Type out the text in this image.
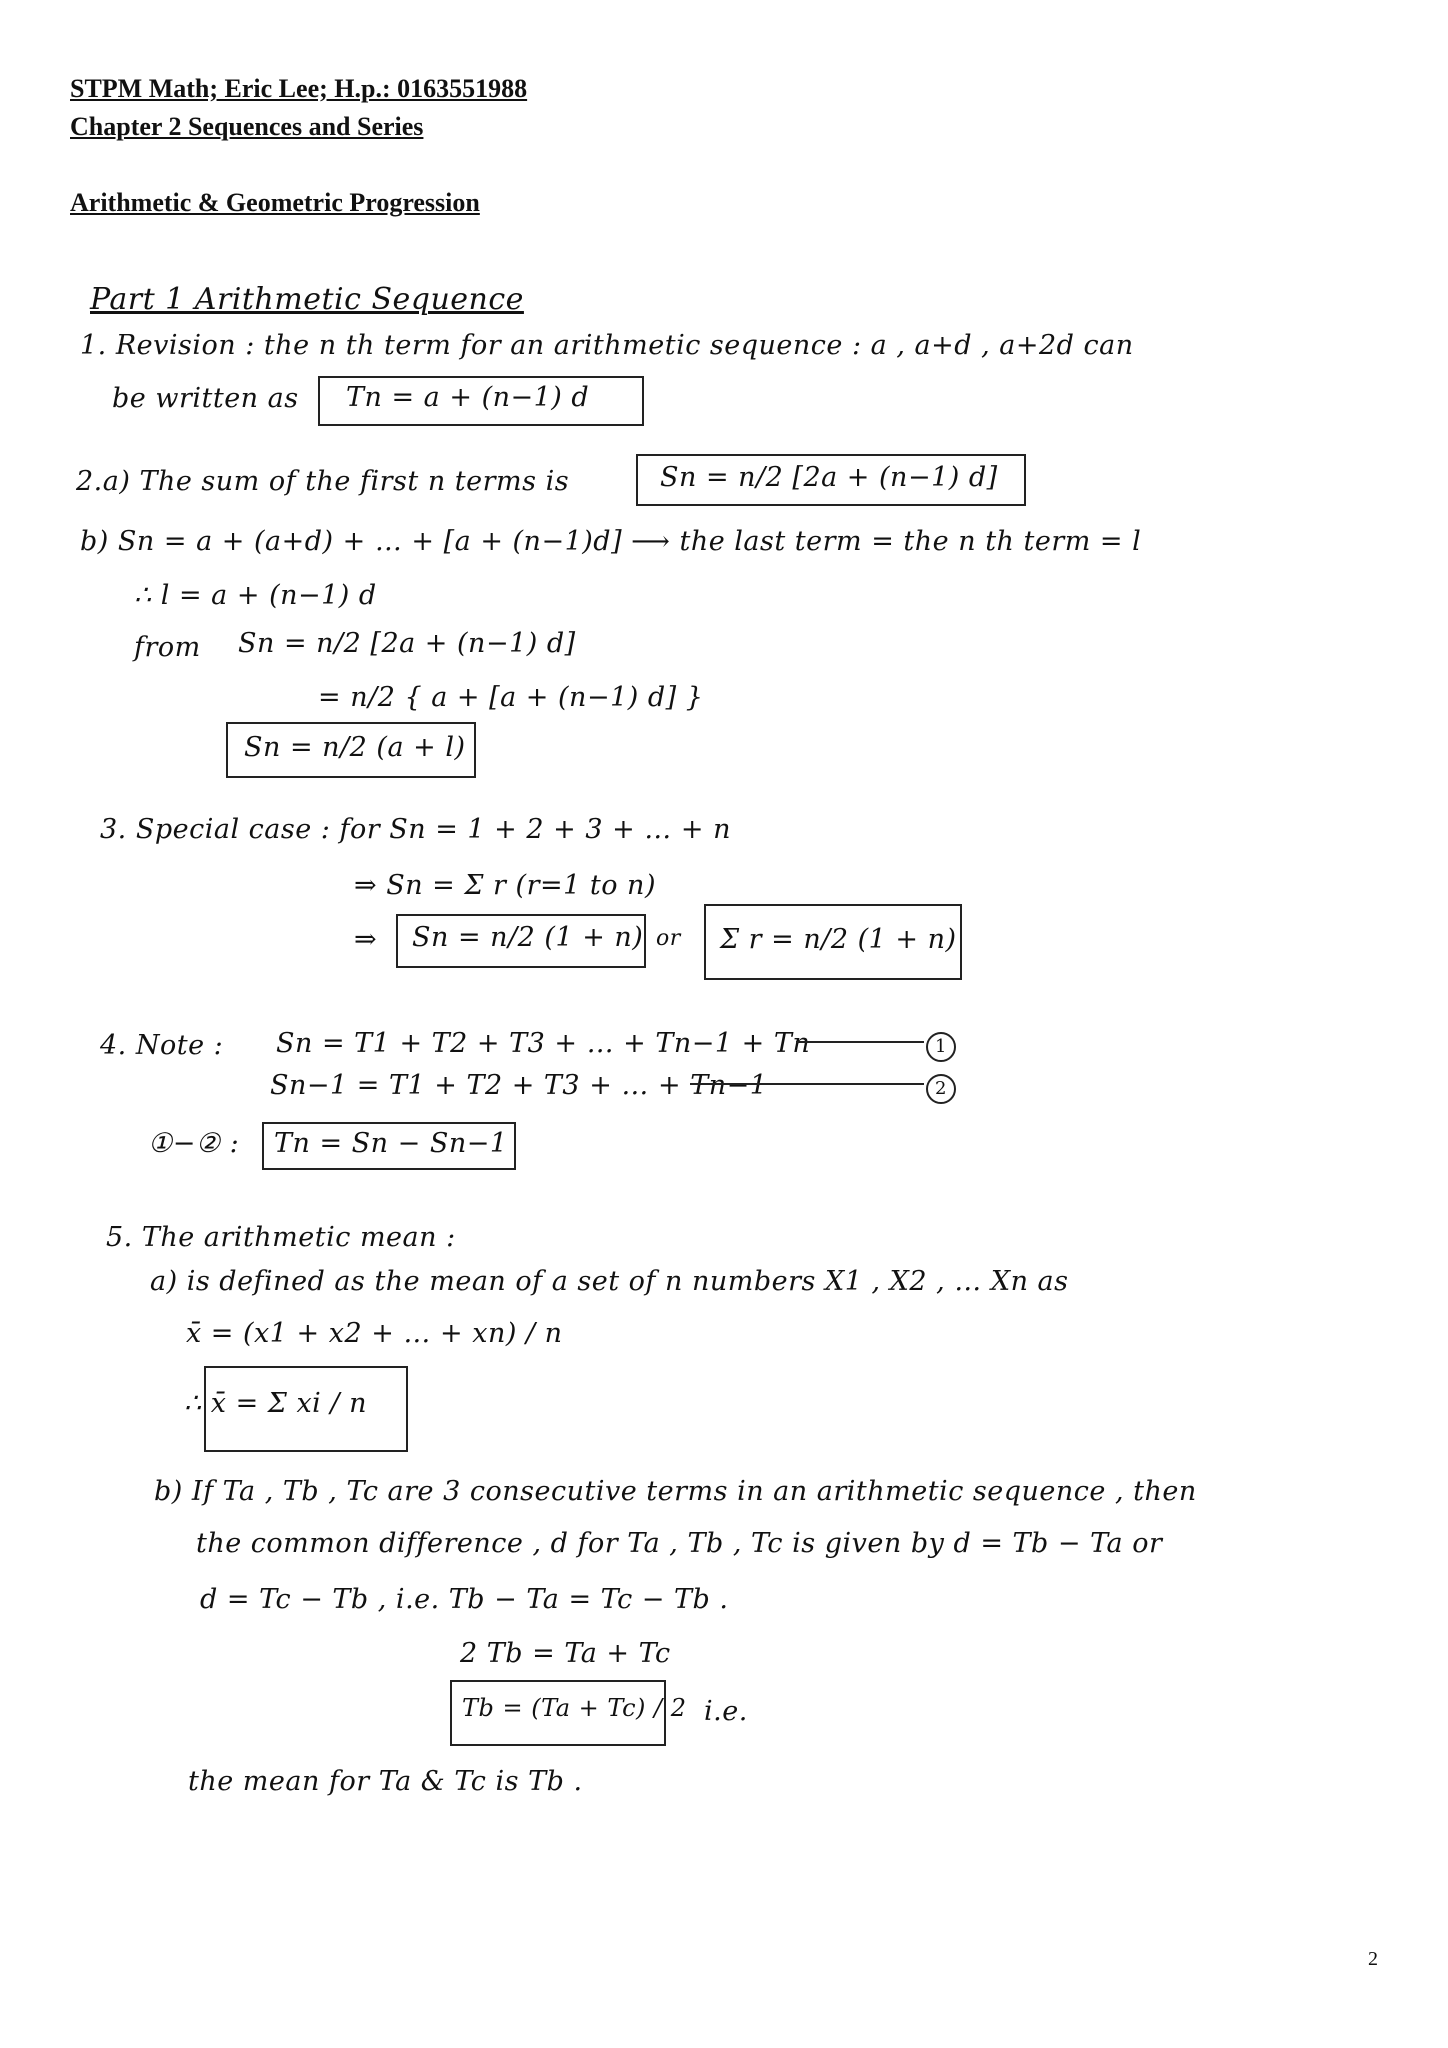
STPM Math; Eric Lee; H.p.: 0163551988
Chapter 2 Sequences and Series
Arithmetic & Geometric Progression
Part 1 Arithmetic Sequence
1. Revision : the n th term for an arithmetic sequence : a , a+d , a+2d can
be written as Tn = a + (n−1) d
2.a) The sum of the first n terms is	Sn = n/2 [2a + (n−1) d]
b) Sn = a + (a+d) + … + [a + (n−1)d] ⟶ the last term = the n th term = l
∴ l = a + (n−1) d
from Sn = n/2 [2a + (n−1) d]
= n/2 { a + [a + (n−1) d] }
Sn = n/2 (a + l)
3. Special case : for Sn = 1 + 2 + 3 + … + n
⇒ Sn = Σ r (r=1 to n)
⇒ Sn = n/2 (1 + n) or Σ r = n/2 (1 + n)
4. Note : Sn = T1 + T2 + T3 + … + Tn−1 + Tn
Sn−1 = T1 + T2 + T3 + … + Tn−1
1
2
①−② : Tn = Sn − Sn−1
5. The arithmetic mean :
a) is defined as the mean of a set of n numbers X1 , X2 , … Xn as
x̄ = (x1 + x2 + … + xn) / n
∴ x̄ = Σ xi / n
b) If Ta , Tb , Tc are 3 consecutive terms in an arithmetic sequence , then
the common difference , d for Ta , Tb , Tc is given by d = Tb − Ta or
d = Tc − Tb , i.e. Tb − Ta = Tc − Tb .
2 Tb = Ta + Tc
Tb = (Ta + Tc) / 2 i.e.
the mean for Ta & Tc is Tb .
2
